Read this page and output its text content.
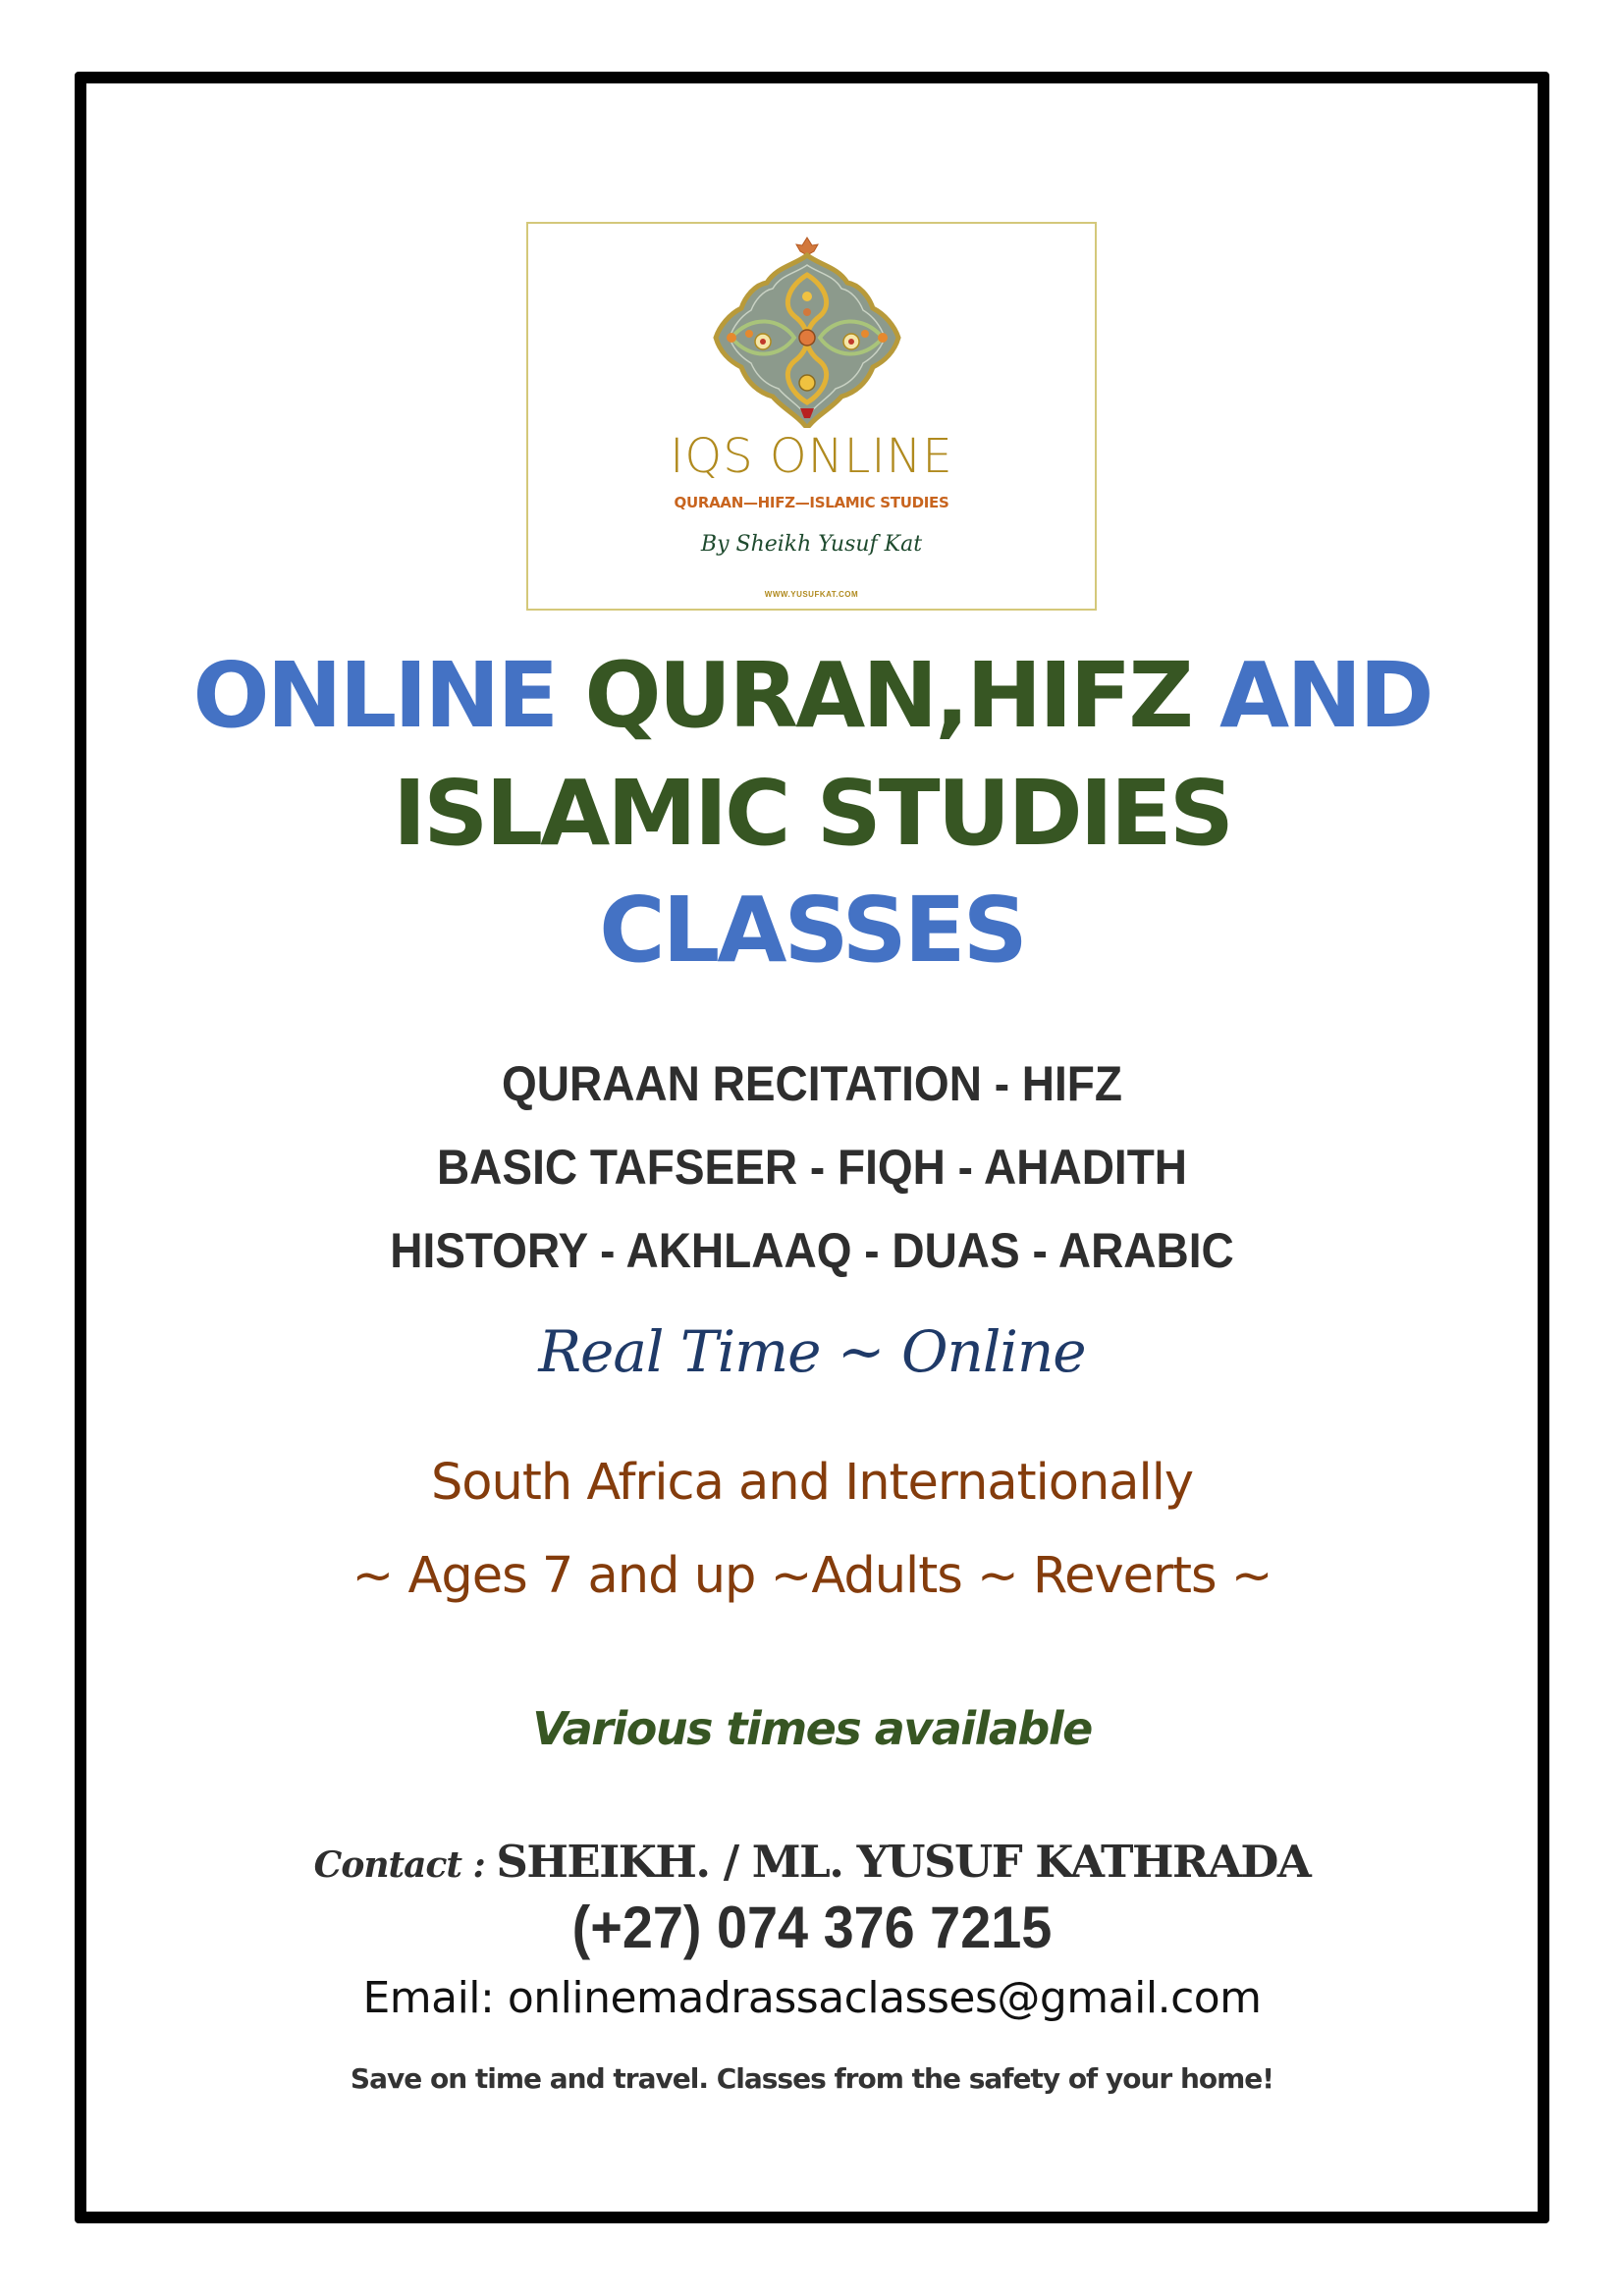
IQS ONLINE
QURAAN—HIFZ—ISLAMIC STUDIES
By Sheikh Yusuf Kat
WWW.YUSUFKAT.COM
ONLINE QURAN,HIFZ AND
ISLAMIC STUDIES
CLASSES
QURAAN RECITATION - HIFZ
BASIC TAFSEER - FIQH - AHADITH
HISTORY - AKHLAAQ - DUAS - ARABIC
Real Time ~ Online
South Africa and Internationally
~ Ages 7 and up ~Adults ~ Reverts ~
Various times available
Contact : SHEIKH. / ML. YUSUF KATHRADA
(+27) 074 376 7215
Email: onlinemadrassaclasses@gmail.com
Save on time and travel. Classes from the safety of your home!
